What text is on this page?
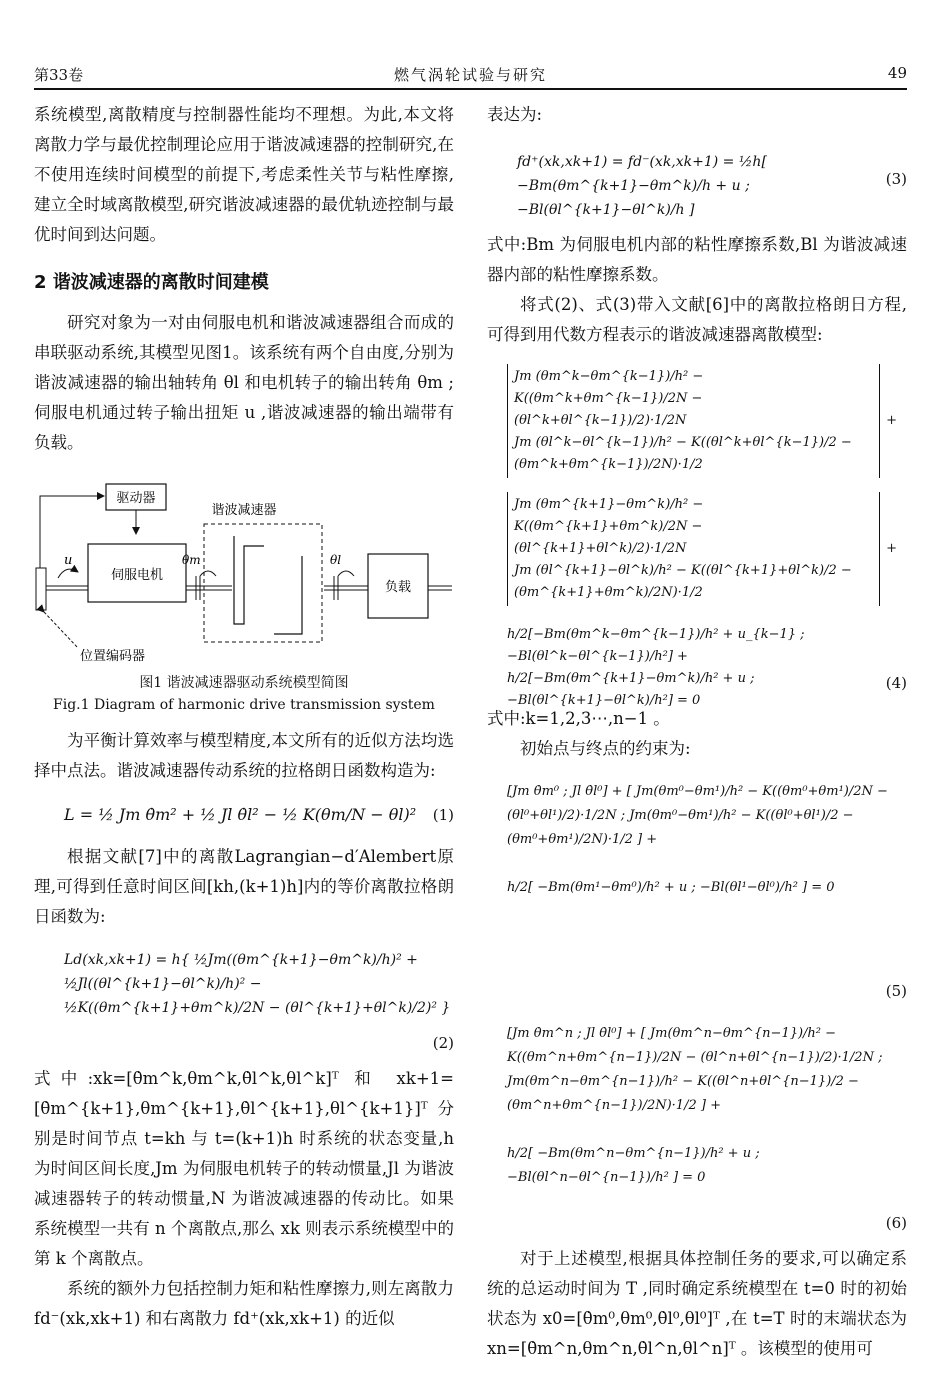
第33卷	燃气涡轮试验与研究	49

系统模型,离散精度与控制器性能均不理想。为此,本文将离散力学与最优控制理论应用于谐波减速器的控制研究,在不使用连续时间模型的前提下,考虑柔性关节与粘性摩擦,建立全时域离散模型,研究谐波减速器的最优轨迹控制与最优时间到达问题。

2 谐波减速器的离散时间建模

研究对象为一对由伺服电机和谐波减速器组合而成的串联驱动系统,其模型见图1。该系统有两个自由度,分别为谐波减速器的输出轴转角 θl 和电机转子的输出转角 θm ;伺服电机通过转子输出扭矩 u ,谐波减速器的输出端带有负载。

驱动器
伺服电机
谐波减速器
负载
u	θm	θl
位置编码器
图1 谐波减速器驱动系统模型简图
Fig.1 Diagram of harmonic drive transmission system

为平衡计算效率与模型精度,本文所有的近似方法均选择中点法。谐波减速器传动系统的拉格朗日函数构造为:

L = ½ Jm θ̇m² + ½ Jl θ̇l² − ½ K(θm/N − θl)² (1)

根据文献[7]中的离散Lagrangian−d′Alembert原理,可得到任意时间区间[kh,(k+1)h]内的等价离散拉格朗日函数为:

Ld(xk,xk+1) = h{ ½Jm((θm^{k+1}−θm^k)/h)² + ½Jl((θl^{k+1}−θl^k)/h)² − ½K((θm^{k+1}+θm^k)/2N − (θl^{k+1}+θl^k)/2)² }
(2)

式中:xk=[θ̇m^k,θm^k,θ̇l^k,θl^k]ᵀ 和 xk+1=[θ̇m^{k+1},θm^{k+1},θ̇l^{k+1},θl^{k+1}]ᵀ 分别是时间节点 t=kh 与 t=(k+1)h 时系统的状态变量,h 为时间区间长度,Jm 为伺服电机转子的转动惯量,Jl 为谐波减速器转子的转动惯量,N 为谐波减速器的传动比。如果系统模型一共有 n 个离散点,那么 xk 则表示系统模型中的第 k 个离散点。

系统的额外力包括控制力矩和粘性摩擦力,则左离散力 fd⁻(xk,xk+1) 和右离散力 fd⁺(xk,xk+1) 的近似

表达为:

fd⁺(xk,xk+1) = fd⁻(xk,xk+1) = ½h[ −Bm(θm^{k+1}−θm^k)/h + u ; −Bl(θl^{k+1}−θl^k)/h ]
(3)

式中:Bm 为伺服电机内部的粘性摩擦系数,Bl 为谐波减速器内部的粘性摩擦系数。

将式(2)、式(3)带入文献[6]中的离散拉格朗日方程,可得到用代数方程表示的谐波减速器离散模型:

Jm (θm^k−θm^{k−1})/h² − K((θm^k+θm^{k−1})/2N − (θl^k+θl^{k−1})/2)·1/2N
Jm (θl^k−θl^{k−1})/h² − K((θl^k+θl^{k−1})/2 − (θm^k+θm^{k−1})/2N)·1/2
+
Jm (θm^{k+1}−θm^k)/h² − K((θm^{k+1}+θm^k)/2N − (θl^{k+1}+θl^k)/2)·1/2N
Jm (θl^{k+1}−θl^k)/h² − K((θl^{k+1}+θl^k)/2 − (θm^{k+1}+θm^k)/2N)·1/2
+
h/2[−Bm(θm^k−θm^{k−1})/h² + u_{k−1} ; −Bl(θl^k−θl^{k−1})/h²] + h/2[−Bm(θm^{k+1}−θm^k)/h² + u ; −Bl(θl^{k+1}−θl^k)/h²] = 0
(4)

式中:k=1,2,3⋯,n−1 。

初始点与终点的约束为:

[Jm θ̇m⁰ ; Jl θ̇l⁰] + [ Jm(θm⁰−θm¹)/h² − K((θm⁰+θm¹)/2N − (θl⁰+θl¹)/2)·1/2N ; Jm(θm⁰−θm¹)/h² − K((θl⁰+θl¹)/2 − (θm⁰+θm¹)/2N)·1/2 ] +
h/2[ −Bm(θm¹−θm⁰)/h² + u ; −Bl(θl¹−θl⁰)/h² ] = 0
(5)
[Jm θ̇m^n ; Jl θ̇l⁰] + [ Jm(θm^n−θm^{n−1})/h² − K((θm^n+θm^{n−1})/2N − (θl^n+θl^{n−1})/2)·1/2N ; Jm(θm^n−θm^{n−1})/h² − K((θl^n+θl^{n−1})/2 − (θm^n+θm^{n−1})/2N)·1/2 ] +
h/2[ −Bm(θm^n−θm^{n−1})/h² + u ; −Bl(θl^n−θl^{n−1})/h² ] = 0
(6)

对于上述模型,根据具体控制任务的要求,可以确定系统的总运动时间为 T ,同时确定系统模型在 t=0 时的初始状态为 x0=[θ̇m⁰,θm⁰,θ̇l⁰,θl⁰]ᵀ ,在 t=T 时的末端状态为 xn=[θ̇m^n,θm^n,θ̇l^n,θl^n]ᵀ 。该模型的使用可
